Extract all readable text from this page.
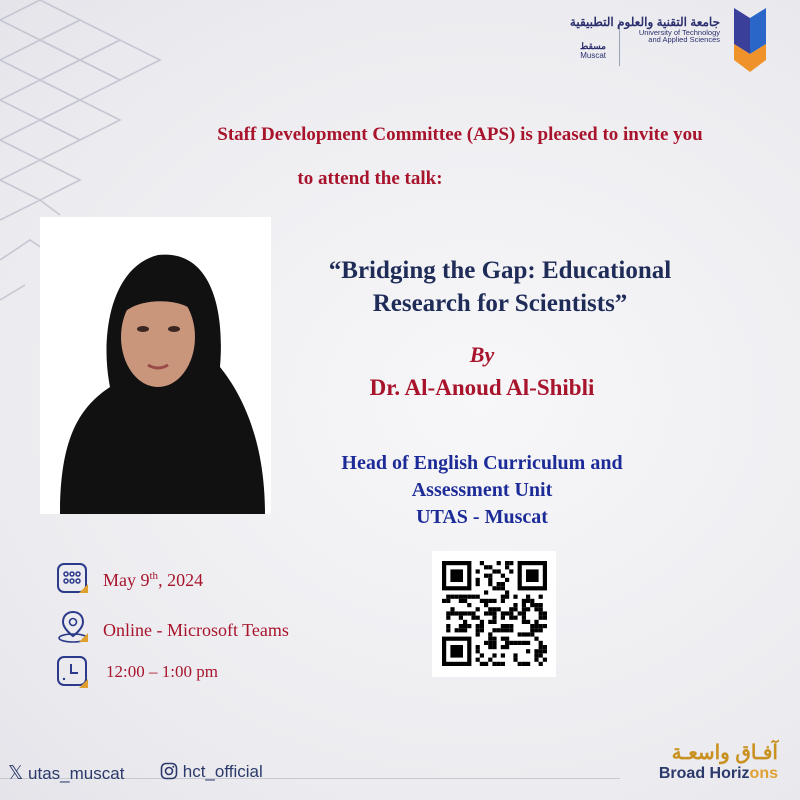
مسقط
Muscat
جامعة التقنية والعلوم التطبيقية
University of Technology
and Applied Sciences
Staff Development Committee (APS) is pleased to invite you
to attend the talk:
“Bridging the Gap: Educational
Research for Scientists”
By
Dr. Al-Anoud Al-Shibli
Head of English Curriculum and
Assessment Unit
UTAS - Muscat
May 9th, 2024
Online - Microsoft Teams
12:00 – 1:00 pm
𝕏 utas_muscat	hct_official
آفـاق واسعـة
Broad Horizons
